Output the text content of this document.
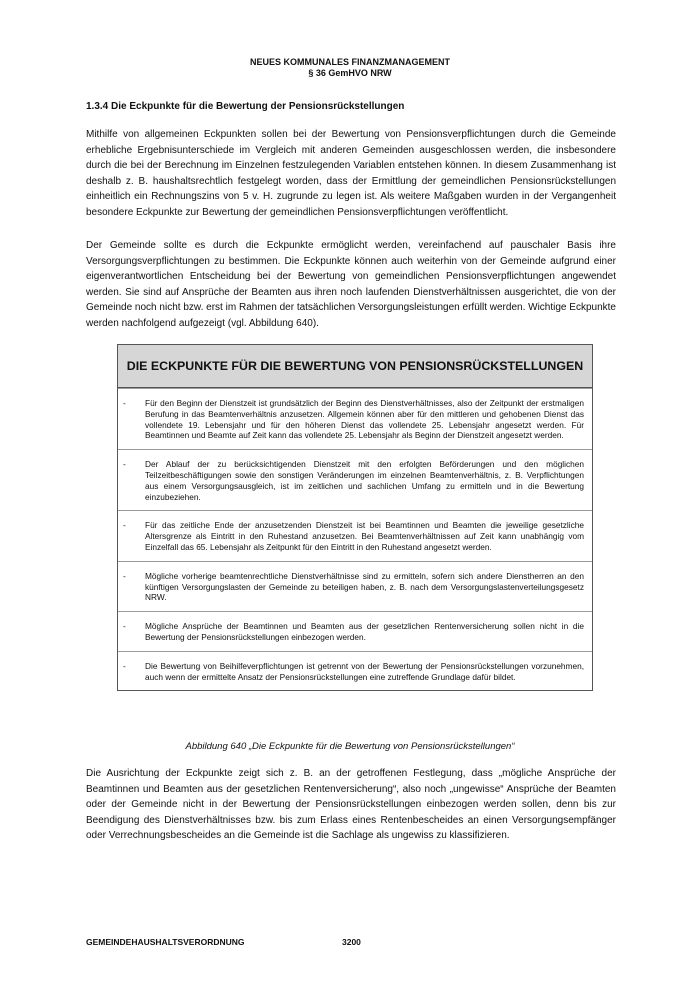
NEUES KOMMUNALES FINANZMANAGEMENT
§ 36 GemHVO NRW
1.3.4 Die Eckpunkte für die Bewertung der Pensionsrückstellungen

Mithilfe von allgemeinen Eckpunkten sollen bei der Bewertung von Pensionsverpflichtungen durch die Gemeinde erhebliche Ergebnisunterschiede im Vergleich mit anderen Gemeinden ausgeschlossen werden, die insbesondere durch die bei der Berechnung im Einzelnen festzulegenden Variablen entstehen können. In diesem Zusammenhang ist deshalb z. B. haushaltsrechtlich festgelegt worden, dass der Ermittlung der gemeindlichen Pensionsrückstellungen einheitlich ein Rechnungszins von 5 v. H. zugrunde zu legen ist. Als weitere Maßgaben wurden in der Vergangenheit besondere Eckpunkte zur Bewertung der gemeindlichen Pensionsverpflichtungen veröffentlicht.

Der Gemeinde sollte es durch die Eckpunkte ermöglicht werden, vereinfachend auf pauschaler Basis ihre Versorgungsverpflichtungen zu bestimmen. Die Eckpunkte können auch weiterhin von der Gemeinde aufgrund einer eigenverantwortlichen Entscheidung bei der Bewertung von gemeindlichen Pensionsverpflichtungen angewendet werden. Sie sind auf Ansprüche der Beamten aus ihren noch laufenden Dienstverhältnissen ausgerichtet, die von der Gemeinde noch nicht bzw. erst im Rahmen der tatsächlichen Versorgungsleistungen erfüllt werden. Wichtige Eckpunkte werden nachfolgend aufgezeigt (vgl. Abbildung 640).

DIE ECKPUNKTE FÜR DIE BEWERTUNG VON PENSIONSRÜCKSTELLUNGEN
-	Für den Beginn der Dienstzeit ist grundsätzlich der Beginn des Dienstverhältnisses, also der Zeitpunkt der erstmaligen Berufung in das Beamtenverhältnis anzusetzen. Allgemein können aber für den mittleren und gehobenen Dienst das vollendete 19. Lebensjahr und für den höheren Dienst das vollendete 25. Lebensjahr angesetzt werden. Für Beamtinnen und Beamte auf Zeit kann das vollendete 25. Lebensjahr als Beginn der Dienstzeit angesetzt werden.
-	Der Ablauf der zu berücksichtigenden Dienstzeit mit den erfolgten Beförderungen und den möglichen Teilzeitbeschäftigungen sowie den sonstigen Veränderungen im einzelnen Beamtenverhältnis, z. B. Verpflichtungen aus einem Versorgungsausgleich, ist im zeitlichen und sachlichen Umfang zu ermitteln und in die Bewertung einzubeziehen.
-	Für das zeitliche Ende der anzusetzenden Dienstzeit ist bei Beamtinnen und Beamten die jeweilige gesetzliche Altersgrenze als Eintritt in den Ruhestand anzusetzen. Bei Beamtenverhältnissen auf Zeit kann unabhängig vom Einzelfall das 65. Lebensjahr als Zeitpunkt für den Eintritt in den Ruhestand angesetzt werden.
-	Mögliche vorherige beamtenrechtliche Dienstverhältnisse sind zu ermitteln, sofern sich andere Dienstherren an den künftigen Versorgungslasten der Gemeinde zu beteiligen haben, z. B. nach dem Versorgungslastenverteilungsgesetz NRW.
-	Mögliche Ansprüche der Beamtinnen und Beamten aus der gesetzlichen Rentenversicherung sollen nicht in die Bewertung der Pensionsrückstellungen einbezogen werden.
-	Die Bewertung von Beihilfeverpflichtungen ist getrennt von der Bewertung der Pensionsrückstellungen vorzunehmen, auch wenn der ermittelte Ansatz der Pensionsrückstellungen eine zutreffende Grundlage dafür bildet.
Abbildung 640 „Die Eckpunkte für die Bewertung von Pensionsrückstellungen“

Die Ausrichtung der Eckpunkte zeigt sich z. B. an der getroffenen Festlegung, dass „mögliche Ansprüche der Beamtinnen und Beamten aus der gesetzlichen Rentenversicherung“, also noch „ungewisse“ Ansprüche der Beamten oder der Gemeinde nicht in der Bewertung der Pensionsrückstellungen einbezogen werden sollen, denn bis zur Beendigung des Dienstverhältnisses bzw. bis zum Erlass eines Rentenbescheides an einen Versorgungsempfänger oder Verrechnungsbescheides an die Gemeinde ist die Sachlage als ungewiss zu klassifizieren.

GEMEINDEHAUSHALTSVERORDNUNG	3200
